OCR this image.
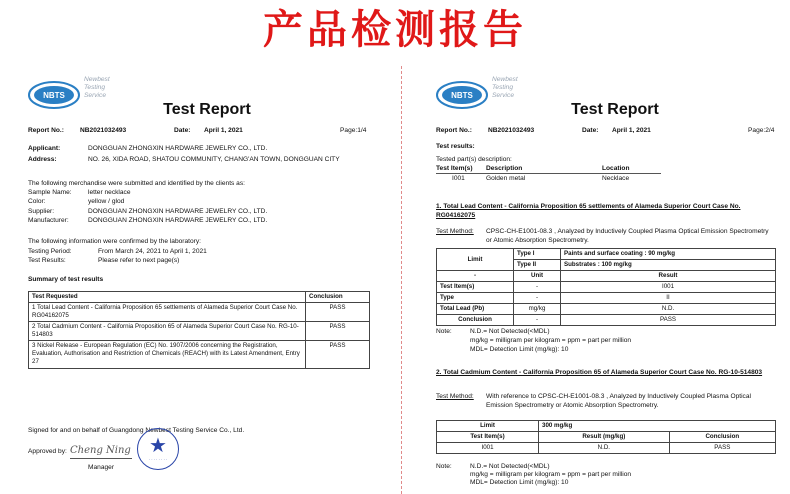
产品检测报告
NBTS
Newbest
Testing
Service
Test Report
Report No.: NB2021032493	Date: April 1, 2021	Page:1/4
Applicant:	DONGGUAN ZHONGXIN HARDWARE JEWELRY CO., LTD.
Address:	NO. 26, XIDA ROAD, SHATOU COMMUNITY, CHANG'AN TOWN, DONGGUAN CITY
The following merchandise were submitted and identified by the clients as:
Sample Name: letter necklace
Color:	yellow / glod
Supplier:	DONGGUAN ZHONGXIN HARDWARE JEWELRY CO., LTD.
Manufacturer:	DONGGUAN ZHONGXIN HARDWARE JEWELRY CO., LTD.
The following information were confirmed by the laboratory:
Testing Period:	From March 24, 2021 to April 1, 2021
Test Results:	Please refer to next page(s)
Summary of test results
Test Requested	Conclusion
1 Total Lead Content - California Proposition 65 settlements of Alameda Superior Court Case No. RG04162075	PASS
2 Total Cadmium Content - California Proposition 65 of Alameda Superior Court Case No. RG-10-514803	PASS
3 Nickel Release - European Regulation (EC) No. 1907/2006 concerning the Registration, Evaluation, Authorisation and Restriction of Chemicals (REACH) with its Latest Amendment, Entry 27	PASS
Signed for and on behalf of Guangdong Newbest Testing Service Co., Ltd.
Approved by: Cheng Ning
Manager
★
· · · · · · · ·
NBTS
Newbest
Testing
Service
Test Report
Report No.: NB2021032493	Date: April 1, 2021	Page:2/4
Test results:
Tested part(s) description:
Test Item(s) Description	Location
I001	Golden metal	Necklace
1. Total Lead Content - California Proposition 65 settlements of Alameda Superior Court Case No. RG04162075
Test Method: CPSC-CH-E1001-08.3 , Analyzed by Inductively Coupled Plasma Optical Emission Spectrometry or Atomic Absorption Spectrometry.
Limit	Type I	Paints and surface coating : 90 mg/kg
	Type II	Substrates : 100 mg/kg
-	Unit	Result
Test Item(s)	-	I001
Type	-	II
Total Lead (Pb)	mg/kg	N.D.
Conclusion	-	PASS
Note:	N.D.= Not Detected(<MDL)
mg/kg = milligram per kilogram = ppm = part per million
MDL= Detection Limit (mg/kg): 10
2. Total Cadmium Content - California Proposition 65 of Alameda Superior Court Case No. RG-10-514803
Test Method: With reference to CPSC-CH-E1001-08.3 , Analyzed by Inductively Coupled Plasma Optical Emission Spectrometry or Atomic Absorption Spectrometry.
Limit	300 mg/kg	
Test Item(s)	Result (mg/kg)	Conclusion
I001	N.D.	PASS
Note:	N.D.= Not Detected(<MDL)
mg/kg = milligram per kilogram = ppm = part per million
MDL= Detection Limit (mg/kg): 10
